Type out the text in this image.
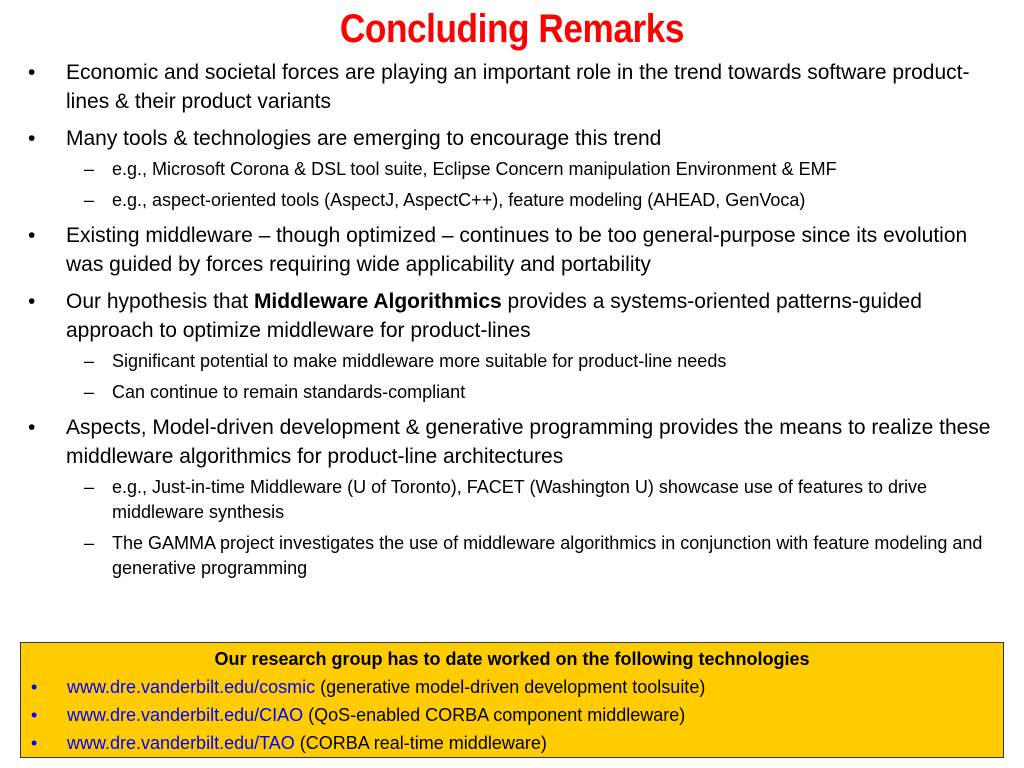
Concluding Remarks
• Economic and societal forces are playing an important role in the trend towards software product-lines & their product variants
• Many tools & technologies are emerging to encourage this trend
– e.g., Microsoft Corona & DSL tool suite, Eclipse Concern manipulation Environment & EMF
– e.g., aspect-oriented tools (AspectJ, AspectC++), feature modeling (AHEAD, GenVoca)
• Existing middleware – though optimized – continues to be too general-purpose since its evolution was guided by forces requiring wide applicability and portability
• Our hypothesis that Middleware Algorithmics provides a systems-oriented patterns-guided approach to optimize middleware for product-lines
– Significant potential to make middleware more suitable for product-line needs
– Can continue to remain standards-compliant
• Aspects, Model-driven development & generative programming provides the means to realize these middleware algorithmics for product-line architectures
– e.g., Just-in-time Middleware (U of Toronto), FACET (Washington U) showcase use of features to drive middleware synthesis
– The GAMMA project investigates the use of middleware algorithmics in conjunction with feature modeling and generative programming
Our research group has to date worked on the following technologies
• www.dre.vanderbilt.edu/cosmic (generative model-driven development toolsuite)
• www.dre.vanderbilt.edu/CIAO (QoS-enabled CORBA component middleware)
• www.dre.vanderbilt.edu/TAO (CORBA real-time middleware)
